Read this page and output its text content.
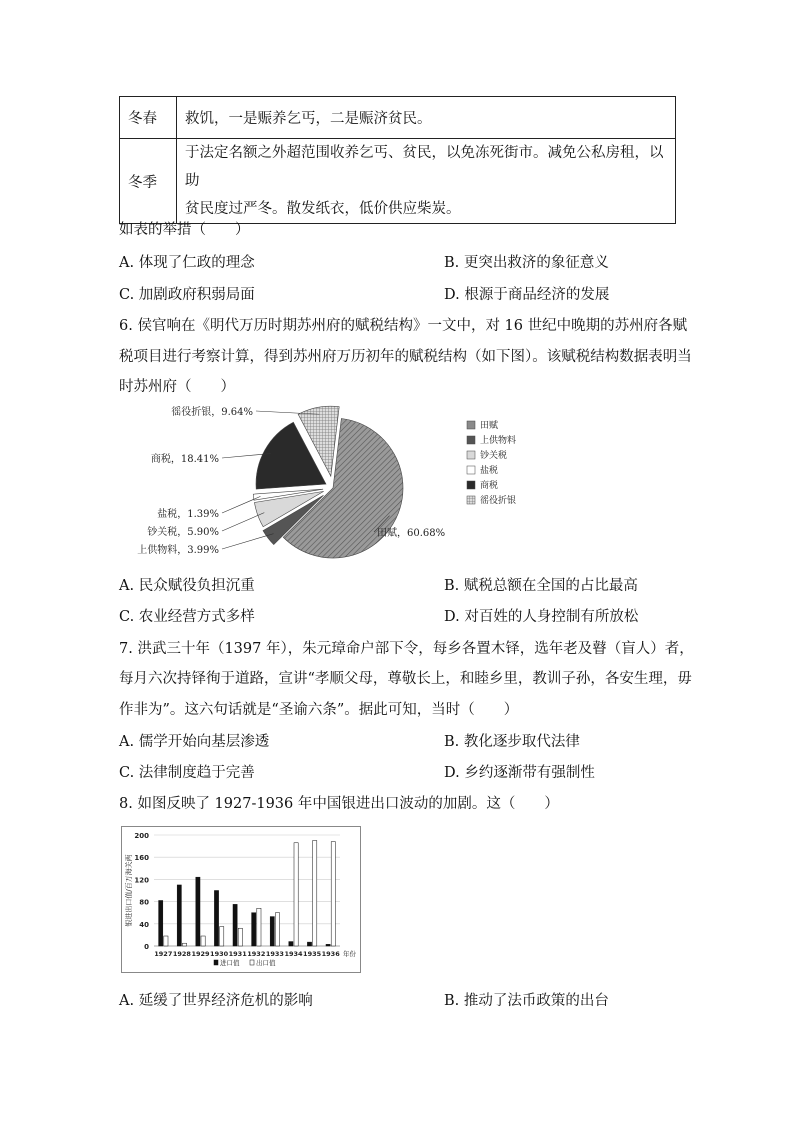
冬春	救饥，一是赈养乞丐，二是赈济贫民。
冬季	于法定名额之外超范围收养乞丐、贫民，以免冻死街市。减免公私房租，以助
贫民度过严冬。散发纸衣，低价供应柴炭。
如表的举措（　　）
A. 体现了仁政的理念	B. 更突出救济的象征意义
C. 加剧政府积弱局面	D. 根源于商品经济的发展
6. 侯官响在《明代万历时期苏州府的赋税结构》一文中，对 16 世纪中晚期的苏州府各赋
税项目进行考察计算，得到苏州府万历初年的赋税结构（如下图）。该赋税结构数据表明当
时苏州府（　　）
田赋，60.68%
上供物料，3.99%
钞关税，5.90%
盐税，1.39%
商税，18.41%
徭役折银，9.64%
田赋
上供物料
钞关税
盐税
商税
徭役折银
A. 民众赋役负担沉重	B. 赋税总额在全国的占比最高
C. 农业经营方式多样	D. 对百姓的人身控制有所放松
7. 洪武三十年（1397 年），朱元璋命户部下令，每乡各置木铎，选年老及瞽（盲人）者，
每月六次持铎徇于道路，宣讲“孝顺父母，尊敬长上，和睦乡里，教训子孙，各安生理，毋
作非为”。这六句话就是“圣谕六条”。据此可知，当时（　　）
A. 儒学开始向基层渗透	B. 教化逐步取代法律
C. 法律制度趋于完善	D. 乡约逐渐带有强制性
8. 如图反映了 1927-1936 年中国银进出口波动的加剧。这（　　）
0
40
80
120
160
200
银进出口值/百万海关两
1927 1928 1929 1930 1931 1932 1933 1934 1935 1936 年份
进口值	出口值
A. 延缓了世界经济危机的影响	B. 推动了法币政策的出台
